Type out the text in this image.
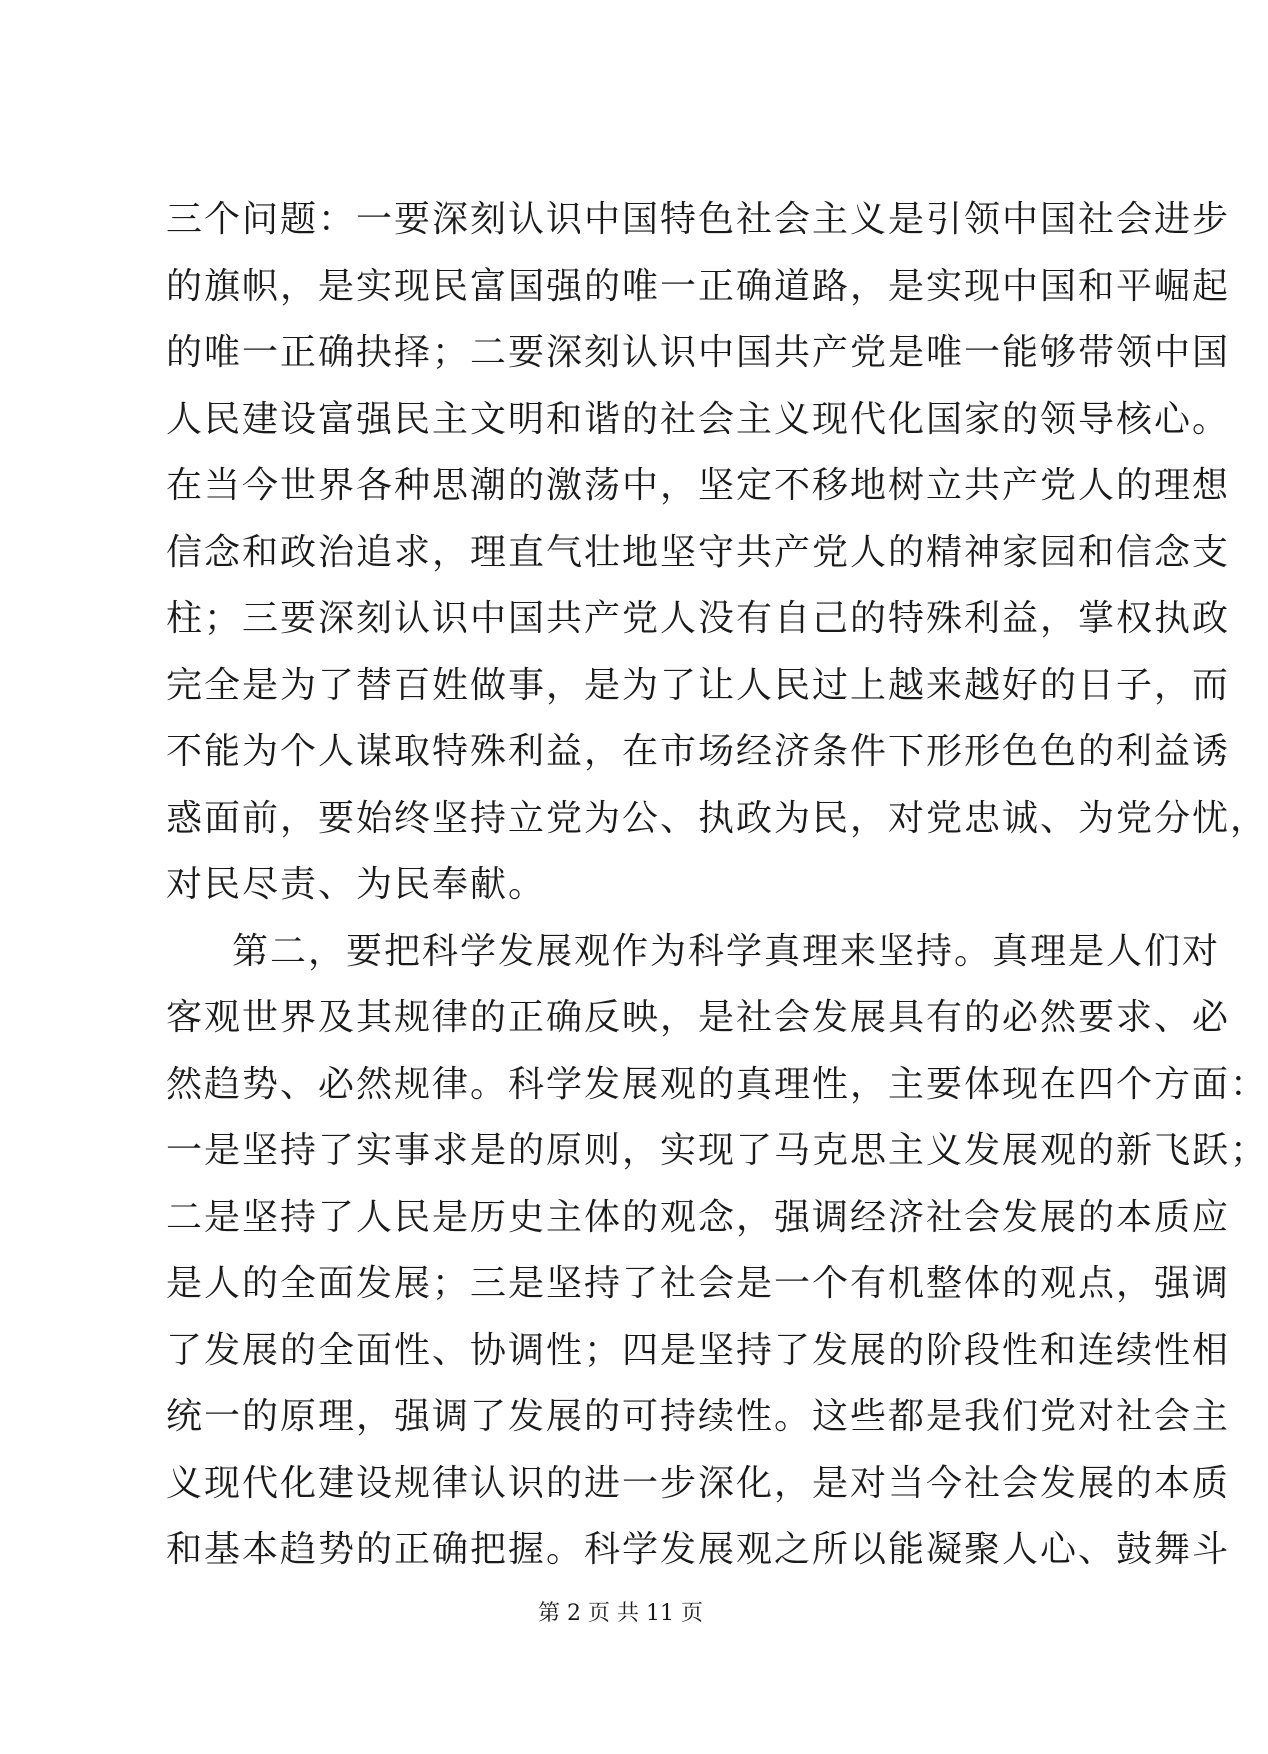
三个问题：一要深刻认识中国特色社会主义是引领中国社会进步
的旗帜，是实现民富国强的唯一正确道路，是实现中国和平崛起
的唯一正确抉择；二要深刻认识中国共产党是唯一能够带领中国
人民建设富强民主文明和谐的社会主义现代化国家的领导核心。
在当今世界各种思潮的激荡中，坚定不移地树立共产党人的理想
信念和政治追求，理直气壮地坚守共产党人的精神家园和信念支
柱；三要深刻认识中国共产党人没有自己的特殊利益，掌权执政
完全是为了替百姓做事，是为了让人民过上越来越好的日子，而
不能为个人谋取特殊利益，在市场经济条件下形形色色的利益诱
惑面前，要始终坚持立党为公、执政为民，对党忠诚、为党分忧，
对民尽责、为民奉献。
第二，要把科学发展观作为科学真理来坚持。真理是人们对
客观世界及其规律的正确反映，是社会发展具有的必然要求、必
然趋势、必然规律。科学发展观的真理性，主要体现在四个方面：
一是坚持了实事求是的原则，实现了马克思主义发展观的新飞跃；
二是坚持了人民是历史主体的观念，强调经济社会发展的本质应
是人的全面发展；三是坚持了社会是一个有机整体的观点，强调
了发展的全面性、协调性；四是坚持了发展的阶段性和连续性相
统一的原理，强调了发展的可持续性。这些都是我们党对社会主
义现代化建设规律认识的进一步深化，是对当今社会发展的本质
和基本趋势的正确把握。科学发展观之所以能凝聚人心、鼓舞斗
第 2 页 共 11 页
